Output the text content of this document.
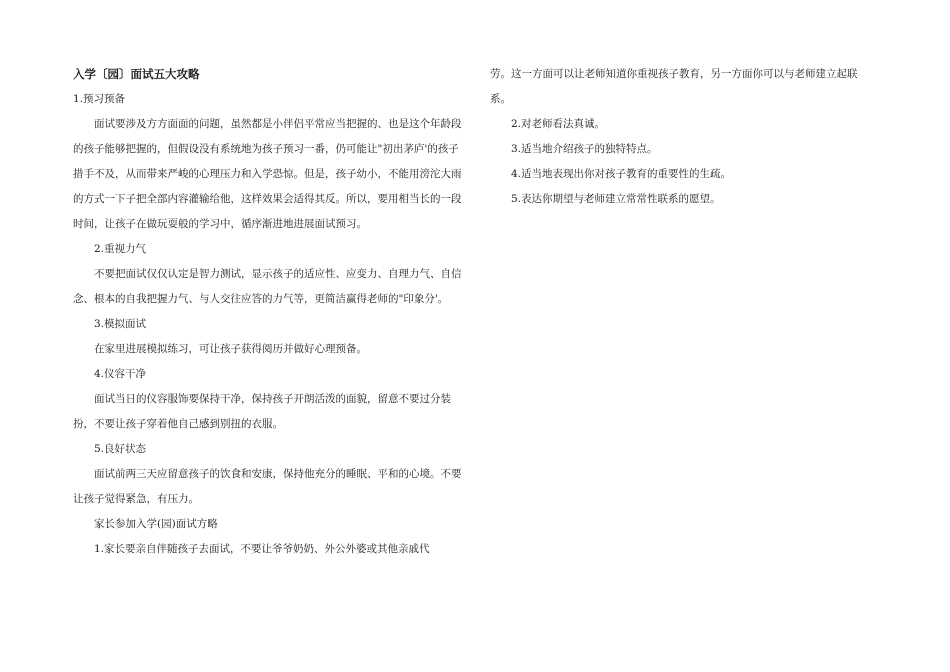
入学〔园〕面试五大攻略

1.预习预备

面试要涉及方方面面的问题，虽然都是小伴侣平常应当把握的、也是这个年龄段的孩子能够把握的，但假设没有系统地为孩子预习一番，仍可能让"初出茅庐'的孩子措手不及，从而带来严峻的心理压力和入学恐惊。但是，孩子幼小，不能用滂沱大雨的方式一下子把全部内容灌输给他，这样效果会适得其反。所以，要用相当长的一段时间，让孩子在做玩耍般的学习中，循序渐进地进展面试预习。

2.重视力气

不要把面试仅仅认定是智力测试，显示孩子的适应性、应变力、自理力气、自信念、根本的自我把握力气、与人交往应答的力气等，更简洁赢得老师的"印象分'。

3.模拟面试

在家里进展模拟练习，可让孩子获得阅历并做好心理预备。

4.仪容干净

面试当日的仪容服饰要保持干净，保持孩子开朗活泼的面貌，留意不要过分装扮，不要让孩子穿着他自己感到别扭的衣服。

5.良好状态

面试前两三天应留意孩子的饮食和安康，保持他充分的睡眠、平和的心境。不要让孩子觉得紧急，有压力。

家长参加入学(园)面试方略

1.家长要亲自伴随孩子去面试，不要让爷爷奶奶、外公外婆或其他亲戚代

劳。这一方面可以让老师知道你重视孩子教育，另一方面你可以与老师建立起联系。

2.对老师看法真诚。

3.适当地介绍孩子的独特特点。

4.适当地表现出你对孩子教育的重要性的生疏。

5.表达你期望与老师建立常常性联系的愿望。
